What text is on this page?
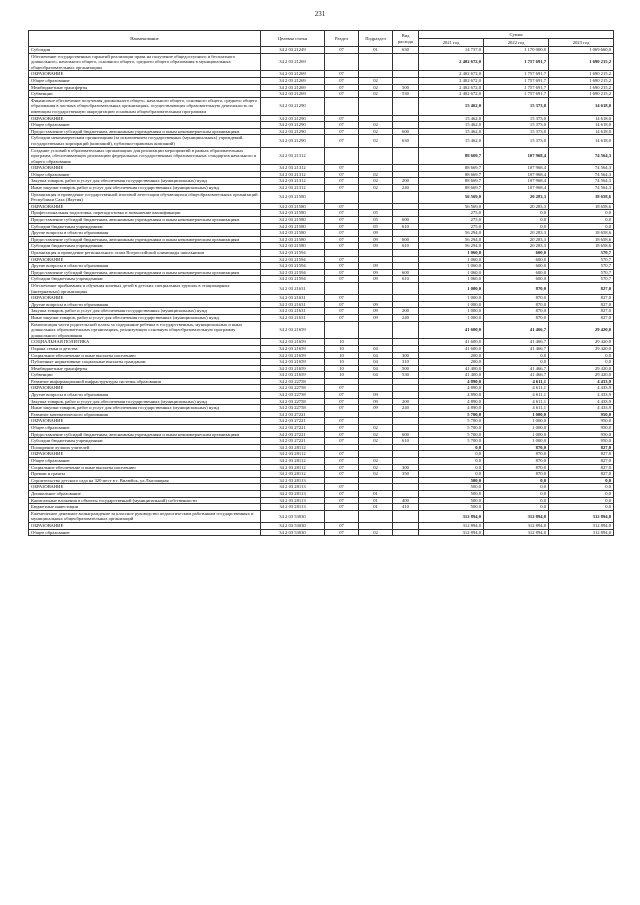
231
Наименование	Целевая статья	Раздел	Подраздел	Вид расхода	Сумма		
					2021 год	2022 год	2023 год
Субсидии	34 2 03 21249	07	01	630	14 737,0	1 170 000,0	1 069 660,0
Обеспечение государственных гарантий реализации права на получение общедоступного и бесплатного дошкольного, начального общего, основного общего, среднего общего образования в муниципальных общеобразовательных организациях	34 2 03 21269				2 402 672,0	1 757 691,7	1 690 215,2
ОБРАЗОВАНИЕ	34 2 03 21269	07			2 402 672,0	1 757 691,7	1 690 215,2
Общее образование	34 2 03 21269	07	02		2 402 672,0	1 757 691,7	1 690 215,2
Межбюджетные трансферты	34 2 03 21269	07	02	500	2 402 672,0	1 757 691,7	1 690 215,2
Субвенции	34 2 03 21269	07	02	530	2 402 672,0	1 757 691,7	1 690 215,2
Финансовое обеспечение получения дошкольного общего, начального общего, основного общего, среднего общего образования в частных общеобразовательных организациях, осуществляющих образовательную деятельность по имеющим государственную аккредитацию основным общеобразовательным программам	34 2 03 21290				15 462,0	15 373,0	14 618,0
ОБРАЗОВАНИЕ	34 2 03 21290	07			15 462,0	15 373,0	14 618,0
Общее образование	34 2 03 21290	07	02		15 462,0	15 373,0	14 618,0
Предоставление субсидий бюджетным, автономным учреждениям и иным некоммерческим организациям	34 2 03 21290	07	02	600	15 462,0	15 373,0	14 618,0
Субсидии некоммерческим организациям (за исключением государственных (муниципальных) учреждений, государственных корпораций (компаний), публично-правовых компаний)	34 2 03 21290	07	02	630	15 462,0	15 373,0	14 618,0
Создание условий в образовательных организациях для реализации мероприятий в рамках образовательных программ, обеспечивающих реализацию федеральных государственных образовательных стандартов начального и общего образования	34 2 03 21312				88 669,7	107 968,4	74 564,3
ОБРАЗОВАНИЕ	34 2 03 21312	07			88 669,7	107 968,4	74 564,3
Общее образование	34 2 03 21312	07	02		88 669,7	107 968,4	74 564,3
Закупка товаров, работ и услуг для обеспечения государственных (муниципальных) нужд	34 2 03 21312	07	02	200	88 669,7	107 968,4	74 564,3
Иные закупки товаров, работ и услуг для обеспечения государственных (муниципальных) нужд	34 2 03 21312	07	02	240	88 669,7	107 968,4	74 564,3
Организация и проведение государственной итоговой аттестации обучающихся общеобразовательных организаций Республики Саха (Якутия)	34 2 03 21580				56 569,0	20 283,3	18 658,6
ОБРАЗОВАНИЕ	34 2 03 21580	07			56 569,0	20 283,3	18 658,6
Профессиональная подготовка, переподготовка и повышение квалификации	34 2 03 21580	07	05		275,0	0,0	0,0
Предоставление субсидий бюджетным, автономным учреждениям и иным некоммерческим организациям	34 2 03 21580	07	05	600	275,0	0,0	0,0
Субсидии бюджетным учреждениям	34 2 03 21580	07	05	610	275,0	0,0	0,0
Другие вопросы в области образования	34 2 03 21580	07	09		56 294,0	20 283,3	18 658,6
Предоставление субсидий бюджетным, автономным учреждениям и иным некоммерческим организациям	34 2 03 21580	07	09	600	56 294,0	20 283,3	18 658,6
Субсидии бюджетным учреждениям	34 2 03 21580	07	09	610	56 294,0	20 283,3	18 658,6
Организация и проведение регионального этапа Всероссийской олимпиады школьников	34 2 03 21594				1 060,0	600,0	570,7
ОБРАЗОВАНИЕ	34 2 03 21594	07			1 060,0	600,0	570,7
Другие вопросы в области образования	34 2 03 21594	07	09		1 060,0	600,0	570,7
Предоставление субсидий бюджетным, автономным учреждениям и иным некоммерческим организациям	34 2 03 21594	07	09	600	1 060,0	600,0	570,7
Субсидии бюджетным учреждениям	34 2 03 21594	07	09	610	1 060,0	600,0	570,7
Обеспечение прибывания и обучения кочевых детей в детских специальных группах в стационарных (интернатных) организациях	34 2 03 21631				1 000,0	870,0	827,0
ОБРАЗОВАНИЕ	34 2 03 21631	07			1 000,0	870,0	827,0
Другие вопросы в области образования	34 2 03 21631	07	09		1 000,0	870,0	827,0
Закупка товаров, работ и услуг для обеспечения государственных (муниципальных) нужд	34 2 03 21631	07	09	200	1 000,0	870,0	827,0
Иные закупки товаров, работ и услуг для обеспечения государственных (муниципальных) нужд	34 2 03 21631	07	09	240	1 000,0	870,0	827,0
Компенсация части родительской платы за содержание ребенка в государственных, муниципальных и иных дошкольных образовательных организациях, реализующих основную общеобразовательную программу дошкольного образования	34 2 03 21659				41 600,0	41 466,7	29 420,0
СОЦИАЛЬНАЯ ПОЛИТИКА	34 2 03 21659	10			41 600,0	41 466,7	29 420,0
Охрана семьи и детства	34 2 03 21659	10	04		41 600,0	41 466,7	29 420,0
Социальное обеспечение и иные выплаты населению	34 2 03 21659	10	04	300	200,0	0,0	0,0
Публичные нормативные социальные выплаты гражданам	34 2 03 21659	10	04	310	200,0	0,0	0,0
Межбюджетные трансферты	34 2 03 21659	10	04	500	41 400,0	41 466,7	29 420,0
Субвенции	34 2 03 21659	10	04	530	41 400,0	41 466,7	29 420,0
Развитие информационной инфраструктуры системы образования	34 2 03 22758				4 890,0	4 611,1	4 433,9
ОБРАЗОВАНИЕ	34 2 03 22758	07			4 890,0	4 611,1	4 433,9
Другие вопросы в области образования	34 2 03 22758	07	09		4 890,0	4 611,1	4 433,9
Закупка товаров, работ и услуг для обеспечения государственных (муниципальных) нужд	34 2 03 22758	07	09	200	4 890,0	4 611,1	4 433,9
Иные закупки товаров, работ и услуг для обеспечения государственных (муниципальных) нужд	34 2 03 22758	07	09	240	4 890,0	4 611,1	4 433,9
Развитие математического образования	34 2 03 27221				5 700,0	1 000,0	950,0
ОБРАЗОВАНИЕ	34 2 03 27221	07			5 700,0	1 000,0	950,0
Общее образование	34 2 03 27221	07	02		5 700,0	1 000,0	950,0
Предоставление субсидий бюджетным, автономным учреждениям и иным некоммерческим организациям	34 2 03 27221	07	02	600	5 700,0	1 000,0	950,0
Субсидии бюджетным учреждениям	34 2 03 27221	07	02	610	5 700,0	1 000,0	950,0
Поощрение лучших учителей	34 2 03 28112				0,0	870,0	827,0
ОБРАЗОВАНИЕ	34 2 03 28112	07			0,0	870,0	827,0
Общее образование	34 2 03 28112	07	02		0,0	870,0	827,0
Социальное обеспечение и иные выплаты населению	34 2 03 28112	07	02	300	0,0	870,0	827,0
Премии и гранты	34 2 03 28112	07	02	350	0,0	870,0	827,0
Строительство детского сада на 320 мест в г. Вилюйск, ул.Лыглаяцкая	34 2 03 28113				500,0	0,0	0,0
ОБРАЗОВАНИЕ	34 2 03 28113	07			500,0	0,0	0,0
Дошкольное образование	34 2 03 28113	07	01		500,0	0,0	0,0
Капитальные вложения в объекты государственной (муниципальной) собственности	34 2 03 28113	07	01	400	500,0	0,0	0,0
Бюджетные инвестиции	34 2 03 28113	07	01	410	500,0	0,0	0,0
Ежемесячное денежное вознаграждение за классное руководство педагогическим работникам государственных и муниципальных общеобразовательных организаций	34 2 03 53030				312 894,0	312 894,0	312 894,0
ОБРАЗОВАНИЕ	34 2 03 53030	07			312 894,0	312 894,0	312 894,0
Общее образование	34 2 03 53030	07	02		312 894,0	312 894,0	312 894,0
